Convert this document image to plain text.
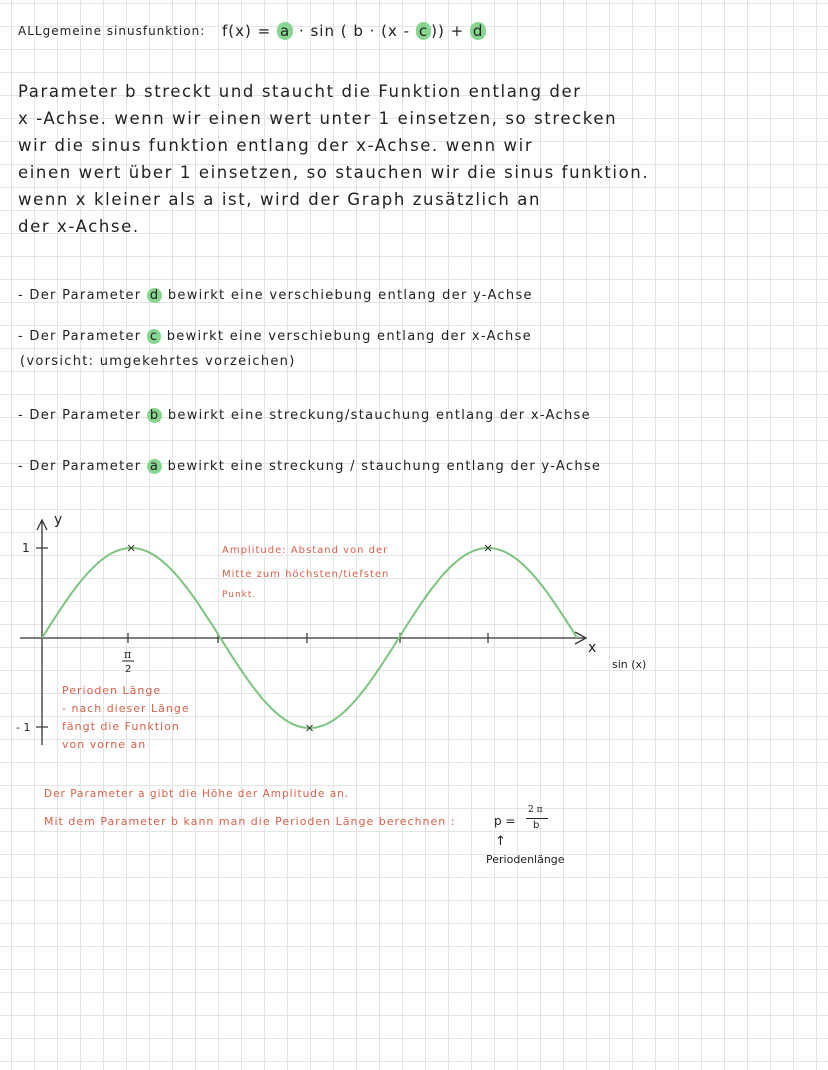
ALLgemeine sinusfunktion: f(x) = a · sin ( b · (x - c )) + d
Parameter b streckt und staucht die Funktion entlang der
x -Achse. wenn wir einen wert unter 1 einsetzen, so strecken
wir die sinus funktion entlang der x-Achse. wenn wir
einen wert über 1 einsetzen, so stauchen wir die sinus funktion.
wenn x kleiner als a ist, wird der Graph zusätzlich an
der x-Achse.
- Der Parameter d bewirkt eine verschiebung entlang der y-Achse
- Der Parameter c bewirkt eine verschiebung entlang der x-Achse
(vorsicht: umgekehrtes vorzeichen)
- Der Parameter b bewirkt eine streckung/stauchung entlang der x-Achse
- Der Parameter a bewirkt eine streckung / stauchung entlang der y-Achse
y
x
sin (x)
1
- 1
π
2
Amplitude: Abstand von der
Mitte zum höchsten/tiefsten
Punkt.
Perioden Länge
- nach dieser Länge
fängt die Funktion
von vorne an
Der Parameter a gibt die Höhe der Amplitude an.
Mit dem Parameter b kann man die Perioden Länge berechnen :	p =
2 π
b
↑
Periodenlänge
